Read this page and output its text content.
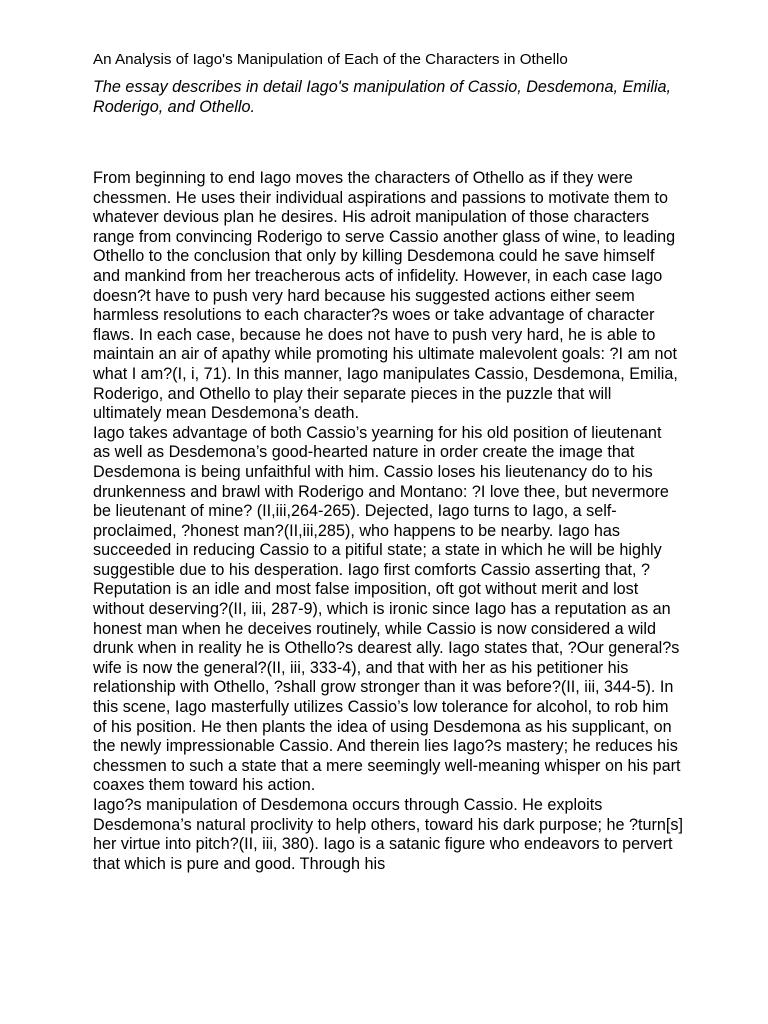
An Analysis of Iago's Manipulation of Each of the Characters in Othello

The essay describes in detail Iago's manipulation of Cassio, Desdemona, Emilia, Roderigo, and Othello.

From beginning to end Iago moves the characters of Othello as if they were chessmen. He uses their individual aspirations and passions to motivate them to whatever devious plan he desires. His adroit manipulation of those characters range from convincing Roderigo to serve Cassio another glass of wine, to leading Othello to the conclusion that only by killing Desdemona could he save himself and mankind from her treacherous acts of infidelity. However, in each case Iago doesn?t have to push very hard because his suggested actions either seem harmless resolutions to each character?s woes or take advantage of character flaws. In each case, because he does not have to push very hard, he is able to maintain an air of apathy while promoting his ultimate malevolent goals: ?I am not what I am?(I, i, 71). In this manner, Iago manipulates Cassio, Desdemona, Emilia, Roderigo, and Othello to play their separate pieces in the puzzle that will ultimately mean Desdemona’s death.

Iago takes advantage of both Cassio’s yearning for his old position of lieutenant as well as Desdemona’s good-hearted nature in order create the image that Desdemona is being unfaithful with him. Cassio loses his lieutenancy do to his drunkenness and brawl with Roderigo and Montano: ?I love thee, but nevermore be lieutenant of mine? (II,iii,264-265). Dejected, Iago turns to Iago, a self-proclaimed, ?honest man?(II,iii,285), who happens to be nearby. Iago has succeeded in reducing Cassio to a pitiful state; a state in which he will be highly suggestible due to his desperation. Iago first comforts Cassio asserting that, ?Reputation is an idle and most false imposition, oft got without merit and lost without deserving?(II, iii, 287-9), which is ironic since Iago has a reputation as an honest man when he deceives routinely, while Cassio is now considered a wild drunk when in reality he is Othello?s dearest ally. Iago states that, ?Our general?s wife is now the general?(II, iii, 333-4), and that with her as his petitioner his relationship with Othello, ?shall grow stronger than it was before?(II, iii, 344-5). In this scene, Iago masterfully utilizes Cassio’s low tolerance for alcohol, to rob him of his position. He then plants the idea of using Desdemona as his supplicant, on the newly impressionable Cassio. And therein lies Iago?s mastery; he reduces his chessmen to such a state that a mere seemingly well-meaning whisper on his part coaxes them toward his action.

Iago?s manipulation of Desdemona occurs through Cassio. He exploits Desdemona’s natural proclivity to help others, toward his dark purpose; he ?turn[s] her virtue into pitch?(II, iii, 380). Iago is a satanic figure who endeavors to pervert that which is pure and good. Through his
